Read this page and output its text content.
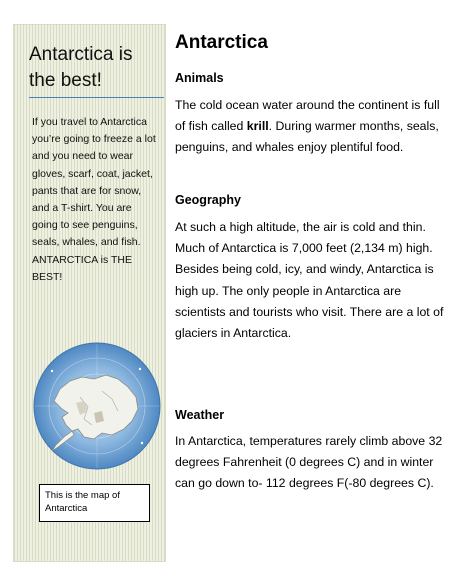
Antarctica is the best!
If you travel to Antarctica you’re going to freeze a lot and you need to wear gloves, scarf, coat, jacket, pants that are for snow, and a T-shirt. You are going to see penguins, seals, whales, and fish. ANTARCTICA is THE BEST!
This is the map of Antarctica
Antarctica
Animals
The cold ocean water around the continent is full of fish called krill. During warmer months, seals, penguins, and whales enjoy plentiful food.
Geography
At such a high altitude, the air is cold and thin. Much of Antarctica is 7,000 feet (2,134 m) high. Besides being cold, icy, and windy, Antarctica is high up. The only people in Antarctica are scientists and tourists who visit. There are a lot of glaciers in Antarctica.
Weather
In Antarctica, temperatures rarely climb above 32 degrees Fahrenheit (0 degrees C) and in winter can go down to- 112 degrees F(-80 degrees C).
